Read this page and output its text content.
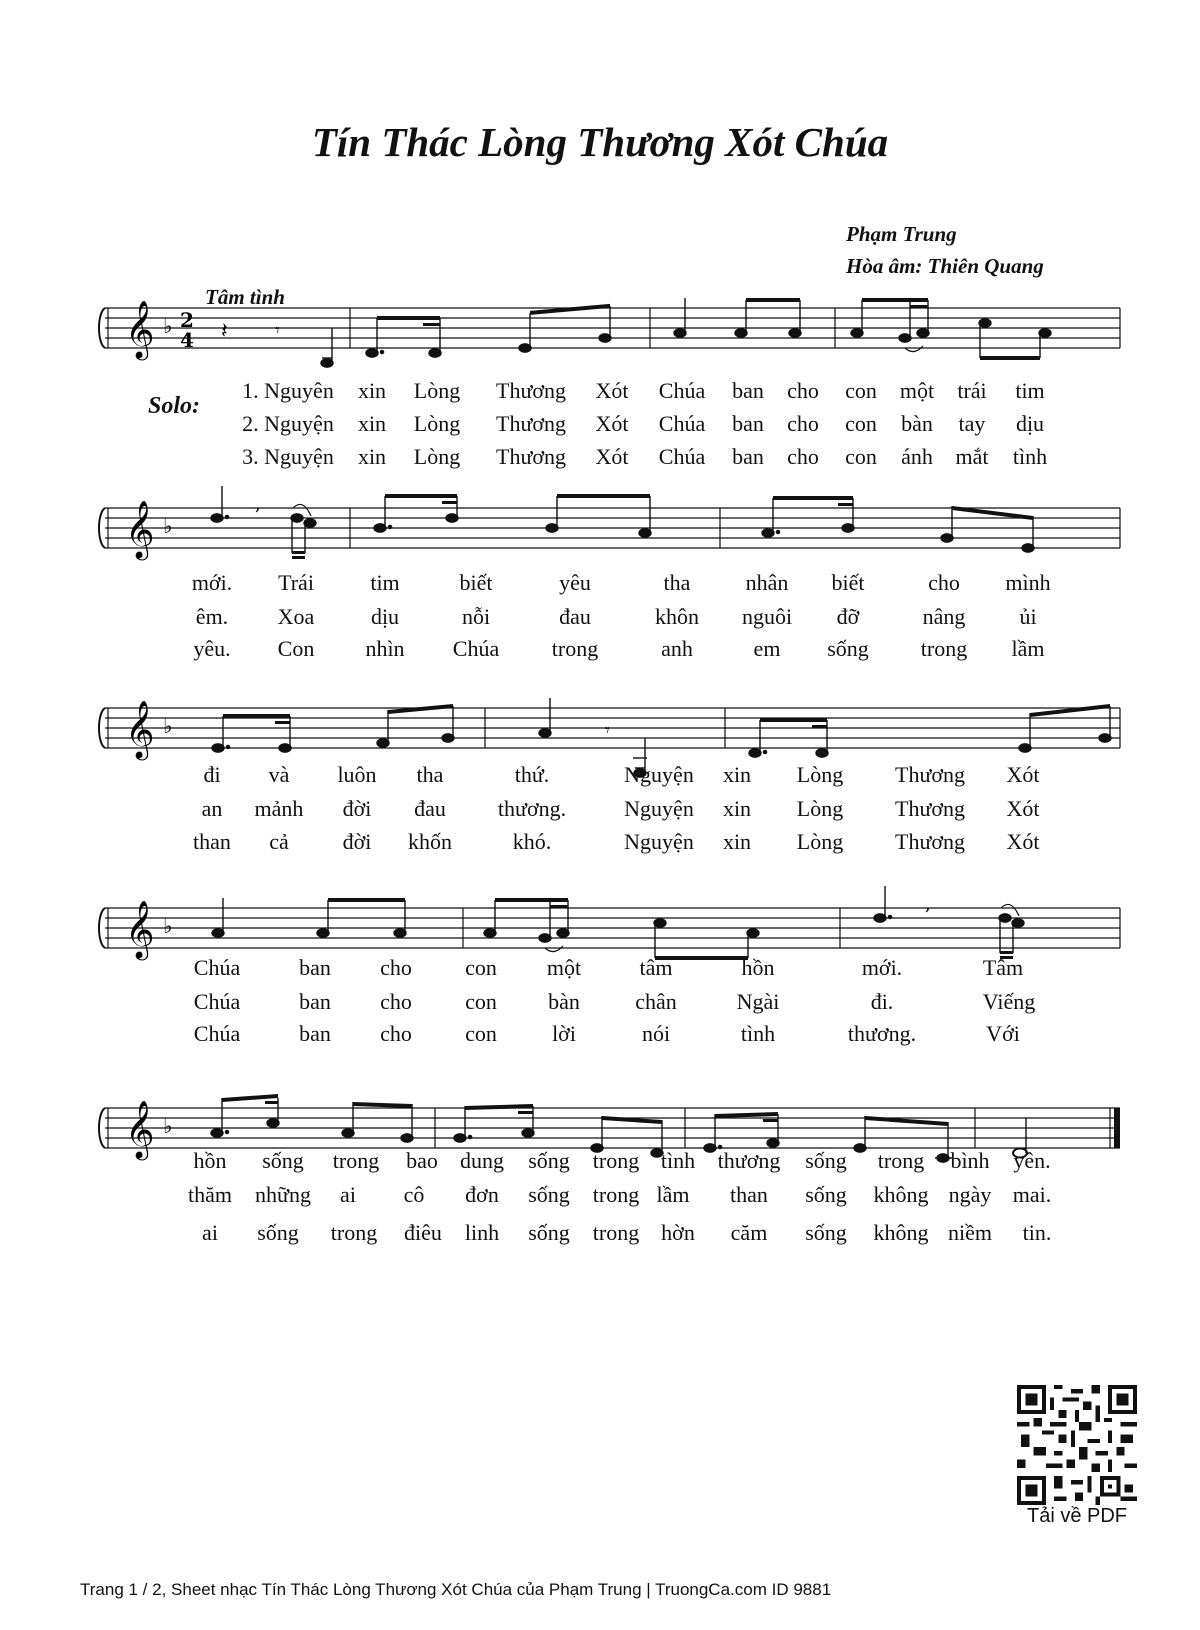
Tín Thác Lòng Thương Xót Chúa
Phạm Trung
Hòa âm: Thiên Quang
Tâm tình
𝄞 ♭ 2
4 𝄽	𝄾
Solo:
1. Nguyên xin Lòng Thương Xót Chúa ban cho con một trái tim
2. Nguyện xin Lòng Thương Xót Chúa ban cho con bàn tay dịu
3. Nguyện xin Lòng Thương Xót Chúa ban cho con ánh mắt tình
𝄞 ♭
,
mới. Trái	tim	biết	yêu	tha	nhân biết	cho mình
êm. Xoa	dịu	nỗi	đau	khôn nguôi đỡ	nâng ủi
yêu. Con nhìn Chúa trong	anh	em sống trong lầm
𝄞 ♭	𝄾
đi và luôn tha	thứ.	Nguyện xin Lòng Thương Xót
an mảnh đời đau thương.	Nguyện xin Lòng Thương Xót
than cả đời khốn	khó.	Nguyện xin Lòng Thương Xót
𝄞 ♭
,
Chúa	ban cho con một	tâm	hồn	mới.	Tâm
Chúa	ban cho con bàn	chân	Ngài	đi.	Viếng
Chúa	ban cho con	lời	nói	tình	thương.	Với
𝄞 ♭
hồn sống trong bao dung sống trong tình thương sống trong bình yên.
thăm những ai cô đơn sống trong lầm than sống không ngày mai.
ai sống trong điêu linh sống trong hờn căm sống không niềm tin.
Tải về PDF
Trang 1 / 2, Sheet nhạc Tín Thác Lòng Thương Xót Chúa của Phạm Trung | TruongCa.com ID 9881
